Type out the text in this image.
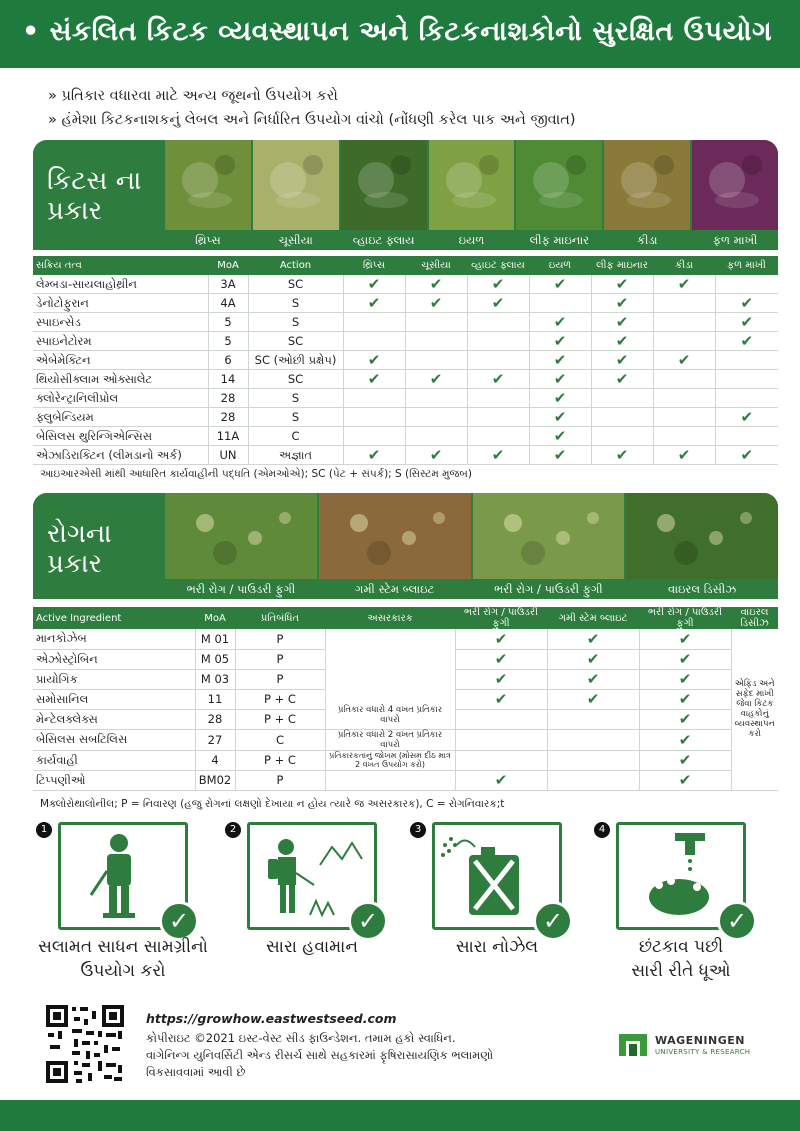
• સંકલિત કિટક વ્યવસ્થાપન અને કિટકનાશકોનો સુરક્ષિત ઉપયોગ
» પ્રતિકાર વધારવા માટે અન્ય જૂથનો ઉપયોગ કરો
» હંમેશા કિટકનાશકનું લેબલ અને નિર્ધારિત ઉપયોગ વાંચો (નોંધણી કરેલ પાક અને જીવાત)
કિટસ ના
પ્રકાર
થ્રિપ્સ	ચૂસીયા	વ્હાઇટ ફ્લાય	ઇયળ	લીફ માઇનાર	કીડા	ફળ માખી
સક્રિય તત્વ	MoA	Action	થ્રિપ્સ	ચૂસીયા	વ્હાઇટ ફ્લાય	ઇયળ	લીફ માઇનાર	કીડા	ફળ માખી
લેમ્બડા-સાયલાહોથ્રીન	3A	SC	✔	✔	✔	✔	✔	✔	
ડેનોટોફુરાન	4A	S	✔	✔	✔		✔		✔
સ્પાઇન્સેડ	5	S				✔	✔		✔
સ્પાઇનેટોરમ	5	SC				✔	✔		✔
એબેમેક્ટિન	6	SC (ઓછી પ્રક્ષેપ)	✔			✔	✔	✔	
થિયોસીક્લામ ઓક્સાલેટ	14	SC	✔	✔	✔	✔	✔		
ક્લોરેન્ટ્રાનિલીપ્રોલ	28	S				✔			
ફ્લુબેન્ડિયમ	28	S				✔			✔
બેસિલસ થુરિન્ગિએન્સિસ	11A	C				✔			
એઝાડિરાક્ટિન (લીમડાનો અર્ક)	UN	અજ્ઞાત	✔	✔	✔	✔	✔	✔	✔
આઇઆરએસી માંથી આધારિત કાર્યવાહીની પદ્ધતિ (એમઓએ); SC (પેટ + સંપર્ક); S (સિસ્ટમ મુજબ)
રોગના
પ્રકાર
ભરી રોગ / પાઉડરી ફુગી	ગમી સ્ટેમ બ્લાઇટ	ભરી રોગ / પાઉડરી ફુગી	વાઇરલ ડિસીઝ
Active Ingredient	MoA	પ્રતિબંધિત	અસરકારક	ભરી રોગ / પાઉડરી ફુગી	ગમી સ્ટેમ બ્લાઇટ	ભરી રોગ / પાઉડરી ફુગી	વાઇરલ ડિસીઝ
માનકોઝેબ	M 01	P	પ્રતિકાર વધારો 4 વખત પ્રતિકાર વાપરો	✔	✔	✔	એફિડ અને સફેદ માખી જેવા કિટક વાહકોનું વ્યવસ્થાપન કરો
એઝોસ્ટ્રોબિન	M 05	P		✔	✔	✔	
પ્રાયોગિક	M 03	P		✔	✔	✔	
સમોસાનિલ	11	P + C		✔	✔	✔	
મેન્ટેલક્લેક્સ	28	P + C				✔	
બેસિલસ સબટિલિસ	27	C	પ્રતિકાર વધારો 2 વખત પ્રતિકાર વાપરો			✔	
કાર્યવાહી	4	P + C	પ્રતિકારકતાનું જોખમ (મોસમ દીઠ માત્ર 2 વખત ઉપયોગ કરો)			✔	
ટિપ્પણીઓ	BM02	P		✔		✔	
Mક્લોરોથાલોનીલ; P = નિવારણ (હજુ રોગનાં લક્ષણો દેખાયા ન હોય ત્યારે જ અસરકારક), C = રોગનિવારક;t
1
✓
સલામત સાધન સામગ્રીનો
ઉપયોગ કરો
2
✓
સારા હવામાન
3
✓
સારા નોઝેલ
4
✓
છંટકાવ પછી
સારી રીતે ધૂઓ
https://growhow.eastwestseed.com
કોપીરાઇટ ©2021 ઇસ્ટ-વેસ્ટ સીડ ફાઉન્ડેશન. તમામ હકો સ્વાધિન.
વાગેનિન્ગ યુનિવર્સિટી એન્ડ રીસર્ચ સાથે સહકારમાં ફૃષિરાસાયણિક ભલામણો
વિકસાવવામાં આવી છે
WAGENINGEN
UNIVERSITY & RESEARCH
